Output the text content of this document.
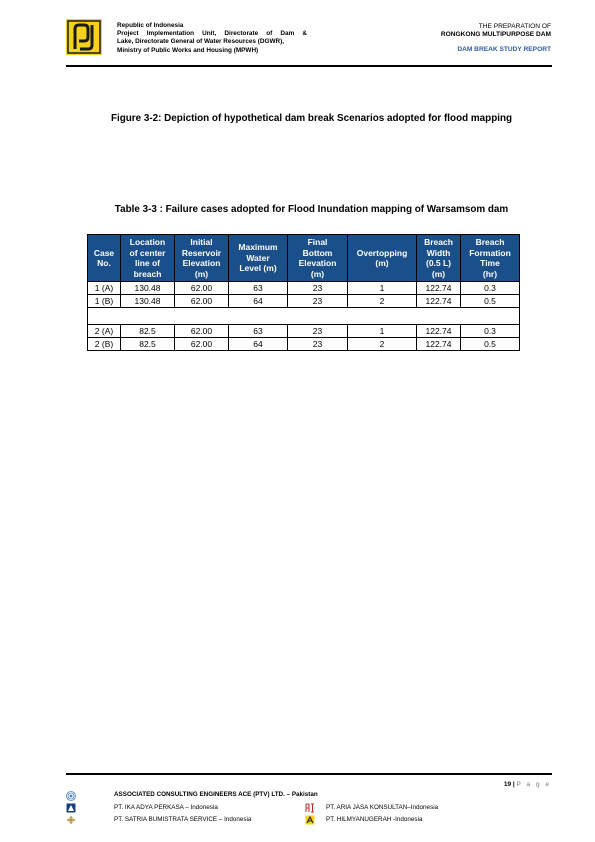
Republic of Indonesia
Project Implementation Unit, Directorate of Dam &
Lake, Directorate General of Water Resources (DGWR),
Ministry of Public Works and Housing (MPWH)
THE PREPARATION OF
RONGKONG MULTIPURPOSE DAM
DAM BREAK STUDY REPORT
Figure 3-2: Depiction of hypothetical dam break Scenarios adopted for flood mapping
Table 3-3 : Failure cases adopted for Flood Inundation mapping of Warsamsom dam
Case
No.	Location
of center
line of
breach	Initial
Reservoir
Elevation
(m)	Maximum
Water
Level (m)	Final
Bottom
Elevation
(m)	Overtopping
(m)	Breach
Width
(0.5 L)
(m)	Breach
Formation
Time
(hr)
1 (A)	130.48	62.00	63	23	1	122.74	0.3
1 (B)	130.48	62.00	64	23	2	122.74	0.5

2 (A)	82.5	62.00	63	23	1	122.74	0.3
2 (B)	82.5	62.00	64	23	2	122.74	0.5
19 | P a g e
ASSOCIATED CONSULTING ENGINEERS ACE (PTV) LTD. – Pakistan
PT. IKA ADYA PERKASA – Indonesia
PT. SATRIA BUMISTRATA SERVICE – Indonesia
PT. ARIA JASA KONSULTAN–Indonesia
PT. HILMYANUGERAH -Indonesia
